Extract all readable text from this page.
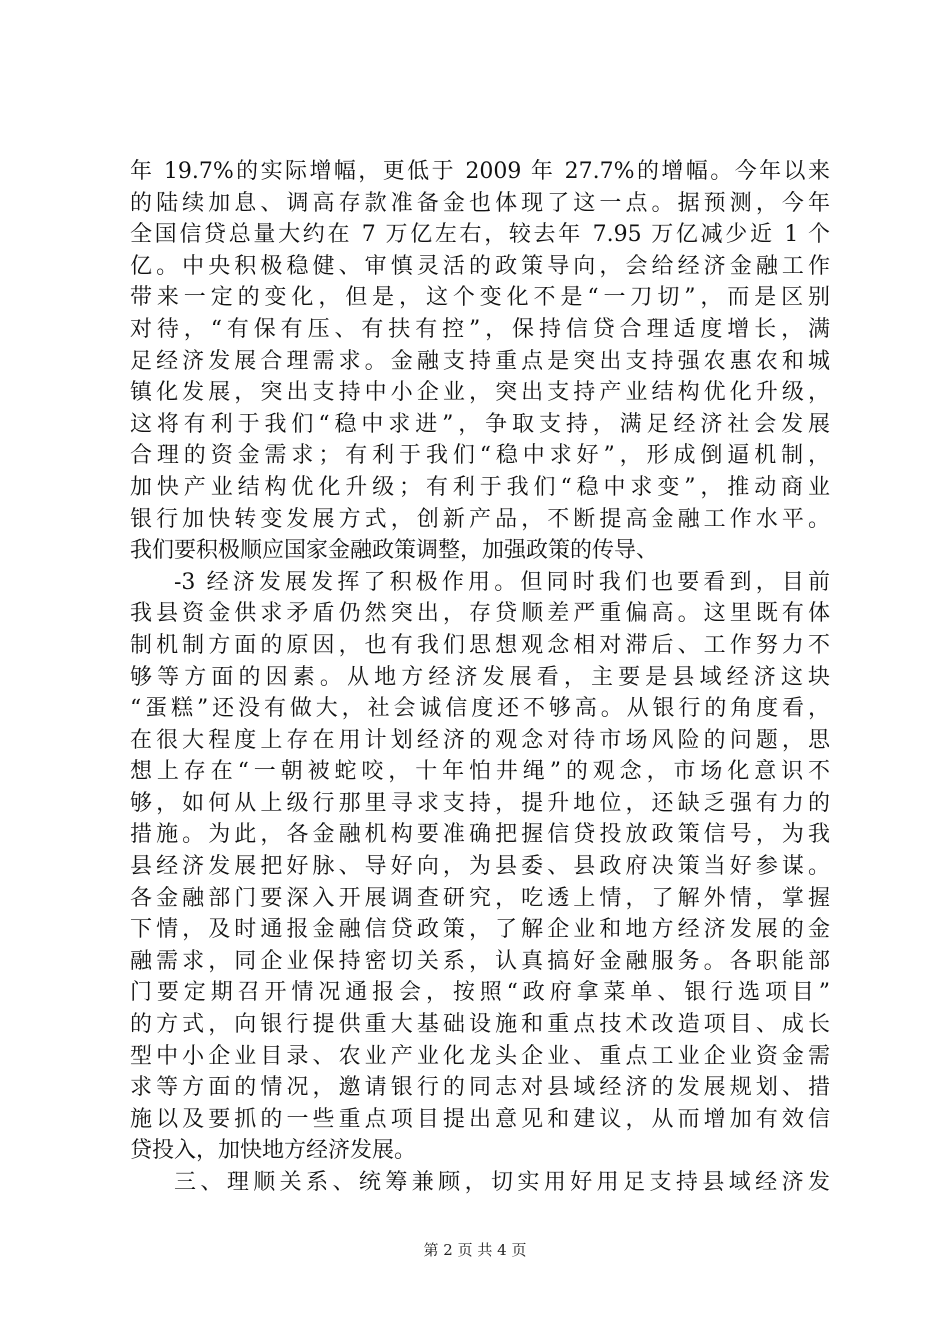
年 19.7%的实际增幅，更低于 2009 年 27.7%的增幅。今年以来
的陆续加息、调高存款准备金也体现了这一点。据预测，今年
全国信贷总量大约在 7 万亿左右，较去年 7.95 万亿减少近 1 个
亿。中央积极稳健、审慎灵活的政策导向，会给经济金融工作
带来一定的变化，但是，这个变化不是“一刀切”，而是区别
对待，“有保有压、有扶有控”，保持信贷合理适度增长，满
足经济发展合理需求。金融支持重点是突出支持强农惠农和城
镇化发展，突出支持中小企业，突出支持产业结构优化升级，
这将有利于我们“稳中求进”，争取支持，满足经济社会发展
合理的资金需求；有利于我们“稳中求好”，形成倒逼机制，
加快产业结构优化升级；有利于我们“稳中求变”，推动商业
银行加快转变发展方式，创新产品，不断提高金融工作水平。
我们要积极顺应国家金融政策调整，加强政策的传导、
-3 经济发展发挥了积极作用。但同时我们也要看到，目前
我县资金供求矛盾仍然突出，存贷顺差严重偏高。这里既有体
制机制方面的原因，也有我们思想观念相对滞后、工作努力不
够等方面的因素。从地方经济发展看，主要是县域经济这块
“蛋糕”还没有做大，社会诚信度还不够高。从银行的角度看，
在很大程度上存在用计划经济的观念对待市场风险的问题，思
想上存在“一朝被蛇咬，十年怕井绳”的观念，市场化意识不
够，如何从上级行那里寻求支持，提升地位，还缺乏强有力的
措施。为此，各金融机构要准确把握信贷投放政策信号，为我
县经济发展把好脉、导好向，为县委、县政府决策当好参谋。
各金融部门要深入开展调查研究，吃透上情，了解外情，掌握
下情，及时通报金融信贷政策，了解企业和地方经济发展的金
融需求，同企业保持密切关系，认真搞好金融服务。各职能部
门要定期召开情况通报会，按照“政府拿菜单、银行选项目”
的方式，向银行提供重大基础设施和重点技术改造项目、成长
型中小企业目录、农业产业化龙头企业、重点工业企业资金需
求等方面的情况，邀请银行的同志对县域经济的发展规划、措
施以及要抓的一些重点项目提出意见和建议，从而增加有效信
贷投入，加快地方经济发展。
三、理顺关系、统筹兼顾，切实用好用足支持县域经济发
第 2 页 共 4 页
